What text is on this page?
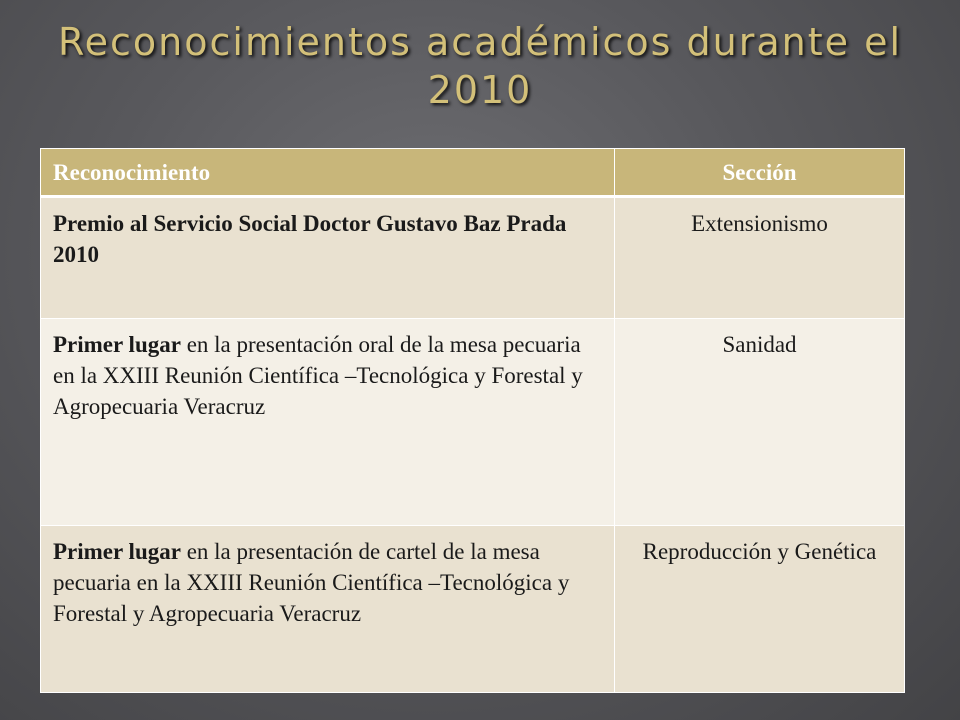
Reconocimientos académicos durante el 2010
Reconocimiento	Sección
Premio al Servicio Social Doctor Gustavo Baz Prada 2010	Extensionismo
Primer lugar en la presentación oral de la mesa pecuaria en la XXIII Reunión Científica –Tecnológica y Forestal y Agropecuaria Veracruz	Sanidad
Primer lugar en la presentación de cartel de la mesa pecuaria en la XXIII Reunión Científica –Tecnológica y Forestal y Agropecuaria Veracruz	Reproducción y Genética
